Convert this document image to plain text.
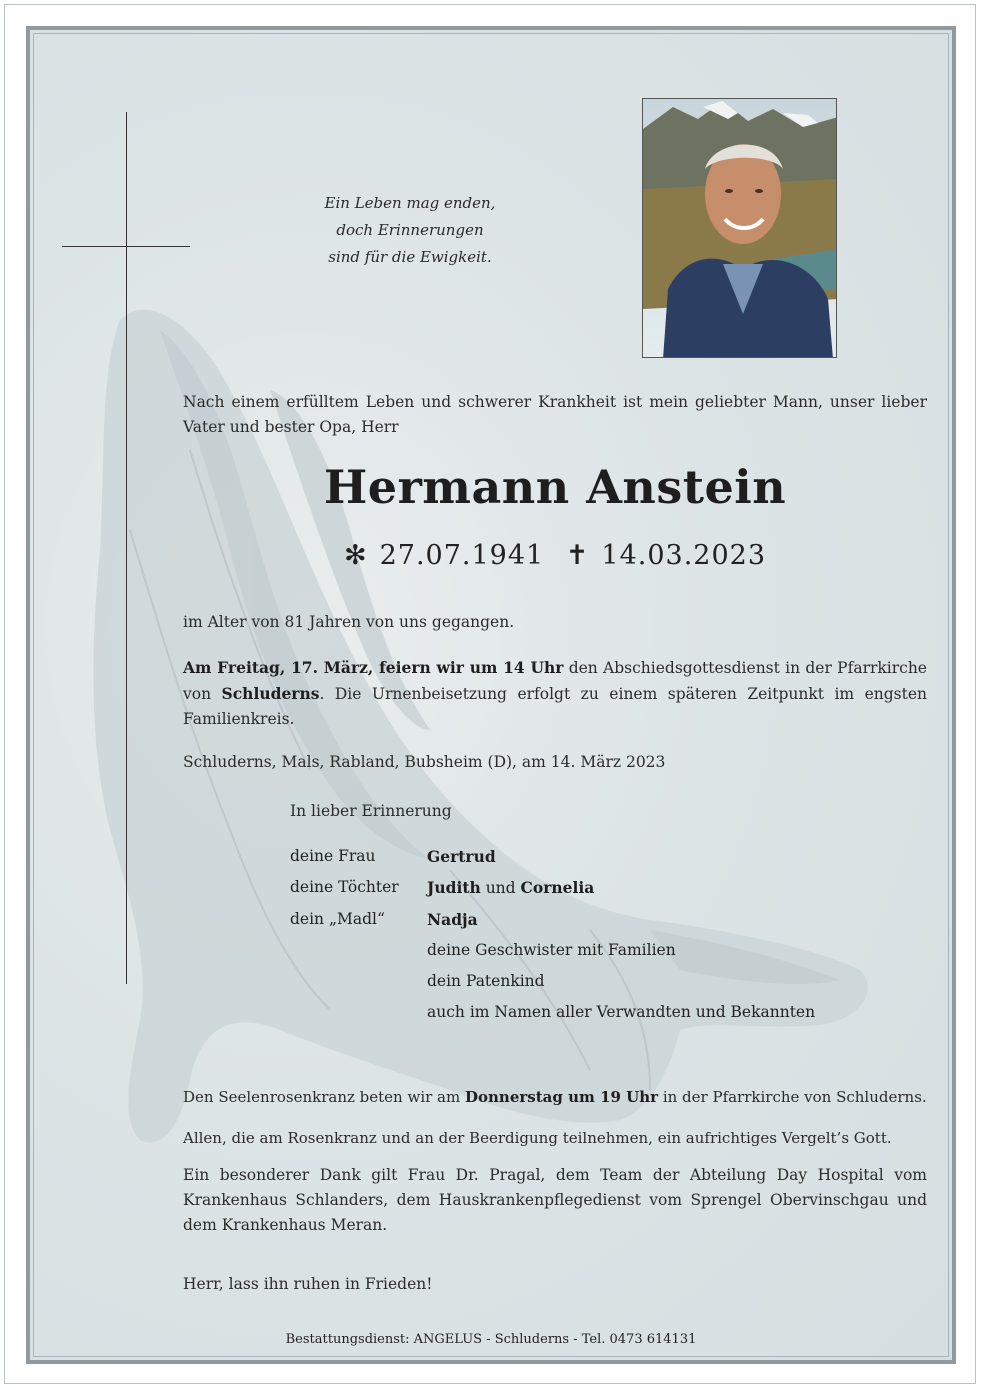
Ein Leben mag enden,
doch Erinnerungen
sind für die Ewigkeit.
Nach einem erfülltem Leben und schwerer Krankheit ist mein geliebter Mann, unser lieber Vater und bester Opa, Herr
Hermann Anstein
✻ 27.07.1941 ✝ 14.03.2023
im Alter von 81 Jahren von uns gegangen.
Am Freitag, 17. März, feiern wir um 14 Uhr den Abschiedsgottesdienst in der Pfarrkirche von Schluderns. Die Urnenbeisetzung erfolgt zu einem späteren Zeitpunkt im engsten Familienkreis.
Schluderns, Mals, Rabland, Bubsheim (D), am 14. März 2023
In lieber Erinnerung
deine Frau	Gertrud
deine Töchter Judith und Cornelia
dein „Madl“	Nadja
deine Geschwister mit Familien
dein Patenkind
auch im Namen aller Verwandten und Bekannten
Den Seelenrosenkranz beten wir am Donnerstag um 19 Uhr in der Pfarrkirche von Schluderns.
Allen, die am Rosenkranz und an der Beerdigung teilnehmen, ein aufrichtiges Vergelt’s Gott.
Ein besonderer Dank gilt Frau Dr. Pragal, dem Team der Abteilung Day Hospital vom Krankenhaus Schlanders, dem Hauskrankenpflegedienst vom Sprengel Obervinschgau und dem Krankenhaus Meran.
Herr, lass ihn ruhen in Frieden!
Bestattungsdienst: ANGELUS - Schluderns - Tel. 0473 614131
